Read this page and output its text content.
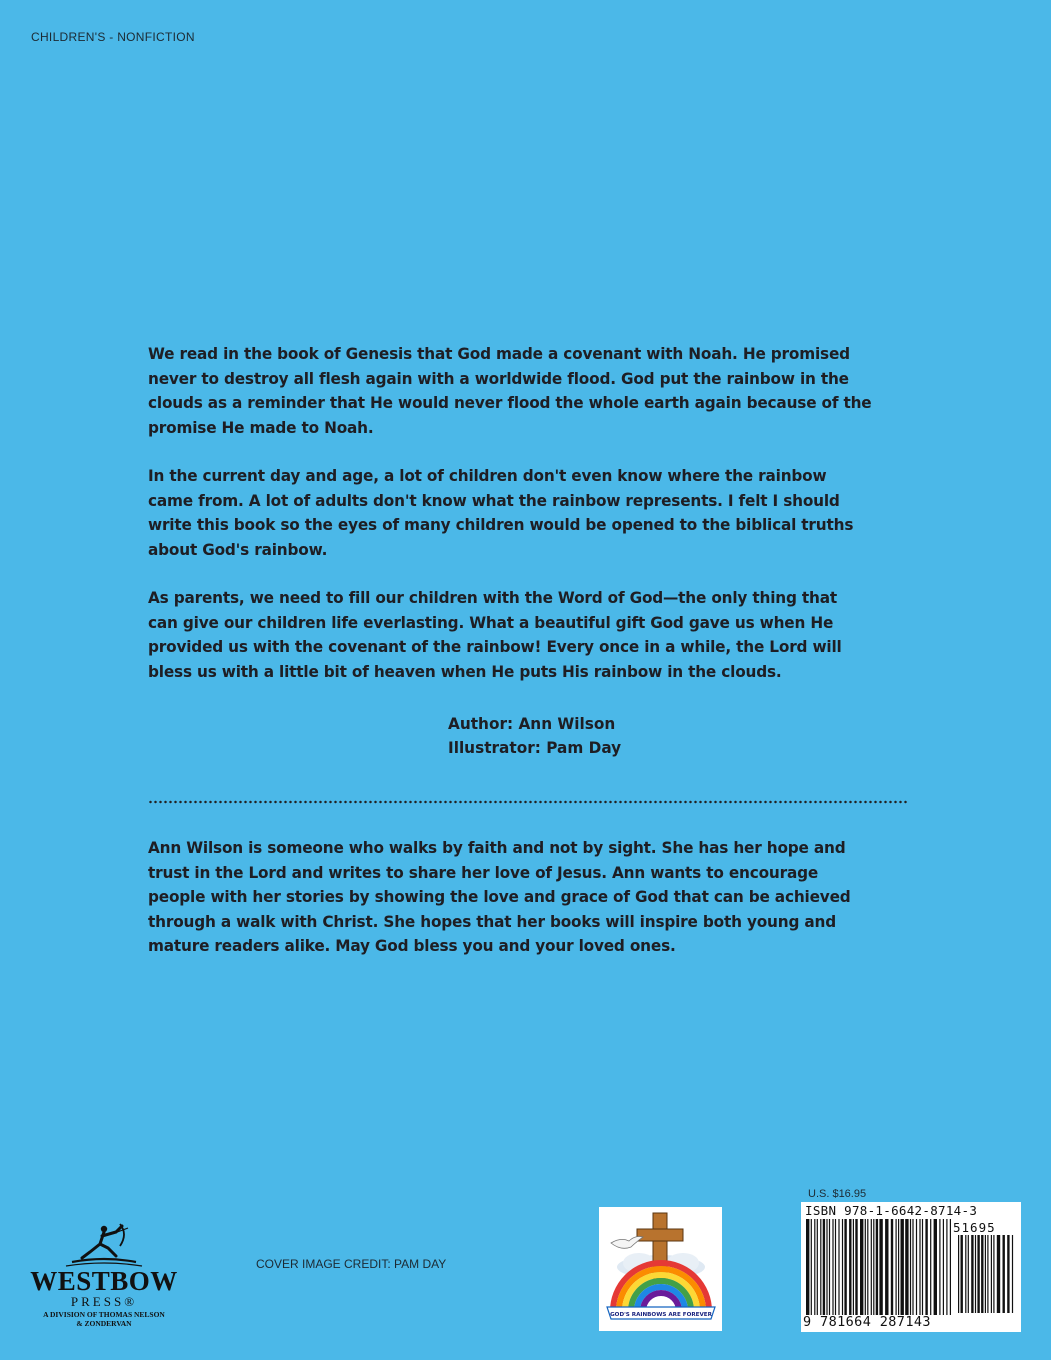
CHILDREN'S - NONFICTION

We read in the book of Genesis that God made a covenant with Noah. He promised never to destroy all flesh again with a worldwide flood. God put the rainbow in the clouds as a reminder that He would never flood the whole earth again because of the promise He made to Noah.

In the current day and age, a lot of children don't even know where the rainbow came from. A lot of adults don't know what the rainbow represents. I felt I should write this book so the eyes of many children would be opened to the biblical truths about God's rainbow.

As parents, we need to fill our children with the Word of God—the only thing that can give our children life everlasting. What a beautiful gift God gave us when He provided us with the covenant of the rainbow! Every once in a while, the Lord will bless us with a little bit of heaven when He puts His rainbow in the clouds.

Author: Ann Wilson
Illustrator: Pam Day
Ann Wilson is someone who walks by faith and not by sight. She has her hope and trust in the Lord and writes to share her love of Jesus. Ann wants to encourage people with her stories by showing the love and grace of God that can be achieved through a walk with Christ. She hopes that her books will inspire both young and mature readers alike. May God bless you and your loved ones.
WESTBOW
PRESS®
A DIVISION OF THOMAS NELSON
& ZONDERVAN
COVER IMAGE CREDIT: PAM DAY
GOD'S RAINBOWS ARE FOREVER
U.S. $16.95
ISBN 978-1-6642-8714-3
51695
9 781664 287143
